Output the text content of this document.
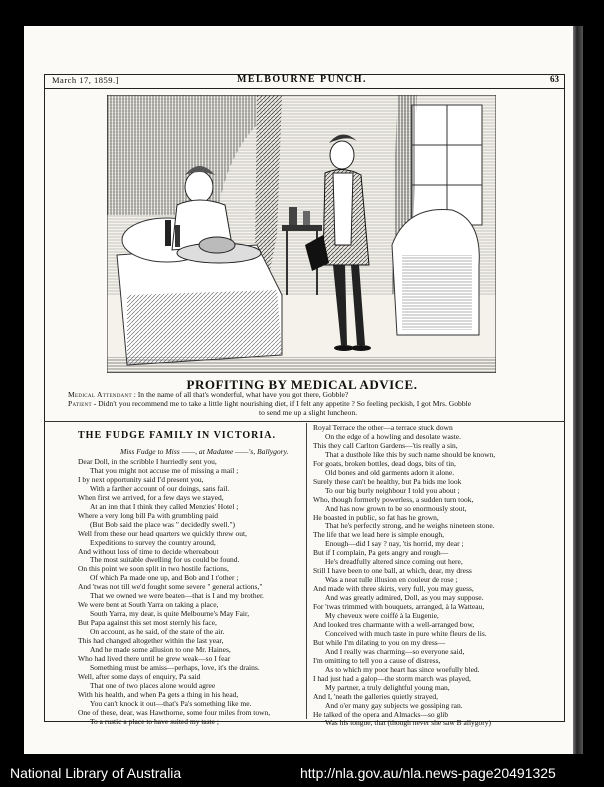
March 17, 1859.]	MELBOURNE PUNCH.	63
PROFITING BY MEDICAL ADVICE.
Medical Attendant : In the name of all that's wonderful, what have you got there, Gobble?
Patient - Didn't you recommend me to take a little light nourishing diet, if I felt any appetite ? So feeling peckish, I got Mrs. Gobble
to send me up a slight luncheon.
THE FUDGE FAMILY IN VICTORIA.
Miss Fudge to Miss ——, at Madame ——'s, Ballygory.
Dear Doll, in the scribble I hurriedly sent you,
That you might not accuse me of missing a mail ;
I by next opportunity said I'd present you,
With a farther account of our doings, sans fail.
When first we arrived, for a few days we stayed,
At an inn that I think they called Menzies' Hotel ;
Where a very long bill Pa with grumbling paid
(But Bob said the place was " decidedly swell.")
Well from these our head quarters we quickly threw out,
Expeditions to survey the country around,
And without loss of time to decide whereabout
The most suitable dwelling for us could be found.
On this point we soon split in two hostile factions,
Of which Pa made one up, and Bob and I t'other ;
And 'twas not till we'd fought some severe " general actions,"
That we owned we were beaten—that is I and my brother.
We were bent at South Yarra on taking a place,
South Yarra, my dear, is quite Melbourne's May Fair,
But Papa against this set most sternly his face,
On account, as he said, of the state of the air.
This had changed altogether within the last year,
And he made some allusion to one Mr. Haines,
Who had lived there until he grew weak—so I fear
Something must be amiss—perhaps, love, it's the drains.
Well, after some days of enquiry, Pa said
That one of two places alone would agree
With his health, and when Pa gets a thing in his head,
You can't knock it out—that's Pa's something like me.
One of these, dear, was Hawthorne, some four miles from town,
To a rustic a place to have suited my taste ;
Royal Terrace the other—a terrace stuck down
On the edge of a howling and desolate waste.
This they call Carlton Gardens—'tis really a sin,
That a dusthole like this by such name should be known,
For goats, broken bottles, dead dogs, bits of tin,
Old bones and old garments adorn it alone.
Surely these can't be healthy, but Pa bids me look
To our big burly neighbour I told you about ;
Who, though formerly powerless, a sudden turn took,
And has now grown to be so enormously stout,
He boasted in public, so fat has he grown,
That he's perfectly strong, and he weighs nineteen stone.
The life that we lead here is simple enough,
Enough—did I say ? nay, 'tis horrid, my dear ;
But if I complain, Pa gets angry and rough—
He's dreadfully altered since coming out here,
Still I have been to one ball, at which, dear, my dress
Was a neat tulle illusion en couleur de rose ;
And made with three skirts, very full, you may guess,
And was greatly admired, Doll, as you may suppose.
For 'twas trimmed with bouquets, arranged, à la Watteau,
My cheveux were coiffé à la Eugenie,
And looked tres charmante with a well-arranged bow,
Conceived with much taste in pure white fleurs de lis.
But while I'm dilating to you on my dress—
And I really was charming—so everyone said,
I'm omitting to tell you a cause of distress,
As to which my poor heart has since woefully bled.
I had just had a galop—the storm march was played,
My partner, a truly delightful young man,
And I, 'neath the galleries quietly strayed,
And o'er many gay subjects we gossiping ran.
He talked of the opera and Almacks—so glib
Was his tongue, that (though never she saw B allygory)
National Library of Australia	http://nla.gov.au/nla.news-page20491325
